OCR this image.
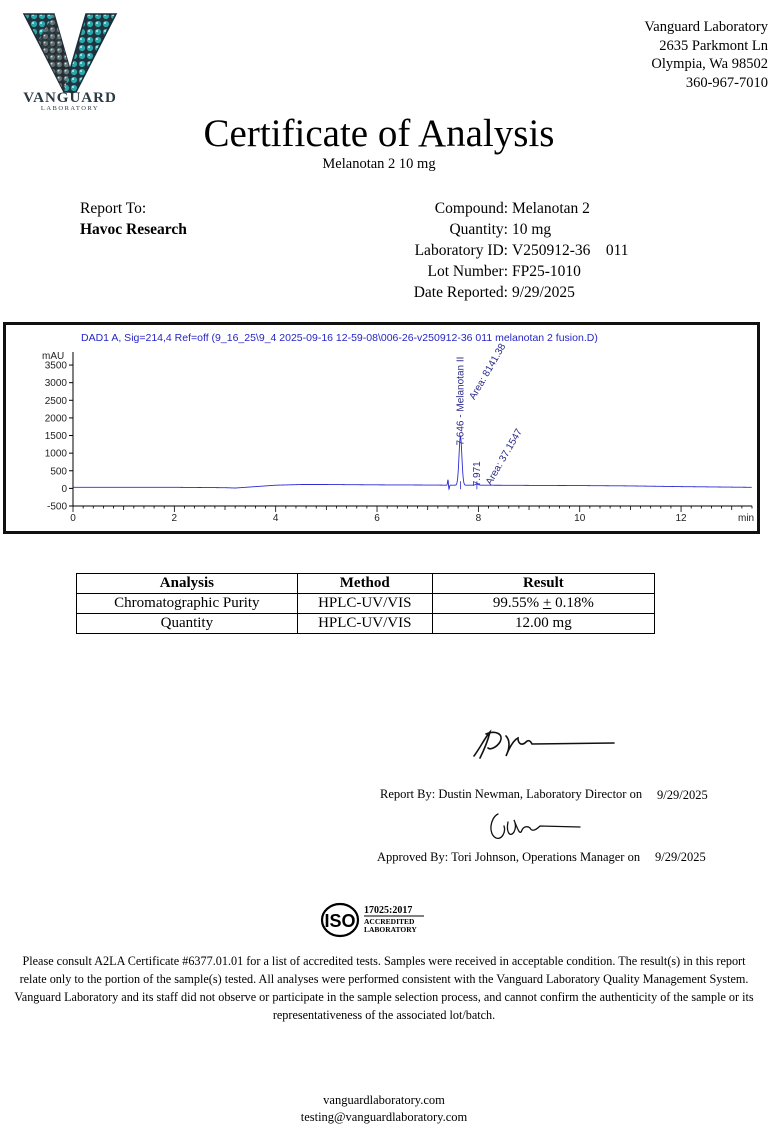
VANGUARD
LABORATORY
Vanguard Laboratory
2635 Parkmont Ln
Olympia, Wa 98502
360-967-7010
Certificate of Analysis
Melanotan 2 10 mg
Report To:
Havoc Research
Compound: Melanotan 2
Quantity: 10 mg
Laboratory ID: V250912-36    011
Lot Number: FP25-1010
Date Reported: 9/29/2025
DAD1 A, Sig=214,4 Ref=off (9_16_25\9_4 2025-09-16 12-59-08\006-26-v250912-36 011 melanotan 2 fusion.D)
mAU
-500
0
500
1000
1500
2000
2500
3000
3500
0	2	4	6	8	10	12	min
7.646 - Melanotan II Area: 8141.38
7.971 Area: 37.1547
Analysis	Method	Result
Chromatographic Purity	HPLC-UV/VIS	99.55% + 0.18%
Quantity	HPLC-UV/VIS	12.00 mg
Report By: Dustin Newman, Laboratory Director on 9/29/2025
Approved By: Tori Johnson, Operations Manager on 9/29/2025
ISO
17025:2017
ACCREDITED
LABORATORY
Please consult A2LA Certificate #6377.01.01 for a list of accredited tests. Samples were received in acceptable condition. The result(s) in this report relate only to the portion of the sample(s) tested. All analyses were performed consistent with the Vanguard Laboratory Quality Management System. Vanguard Laboratory and its staff did not observe or participate in the sample selection process, and cannot confirm the authenticity of the sample or its representativeness of the associated lot/batch.
vanguardlaboratory.com
testing@vanguardlaboratory.com
